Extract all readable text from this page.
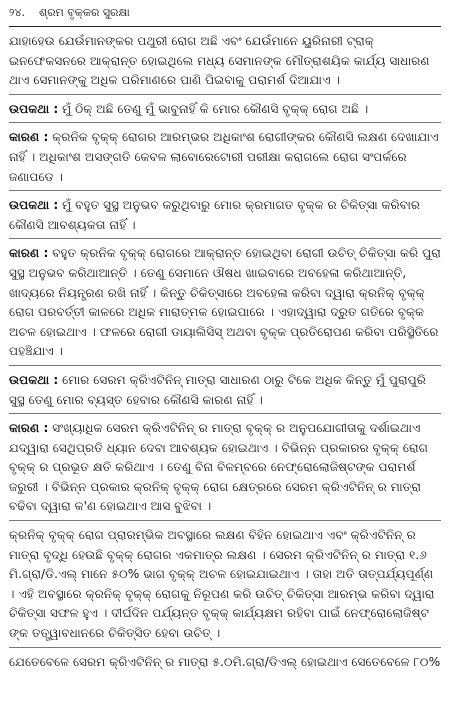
୨୪. ଶ୍ରମ ବୃକ୍କର ସୁରକ୍ଷା

ଯାହାହେଉ ଯେଉଁମାନଙ୍କର ପଥୁରୀ ରୋଗ ଅଛି ଏବଂ ଯେଉଁମାନେ ୟୁରିନାରୀ ଟ୍ରାକ୍ ଇନଫେକସନରେ ଆକ୍ରାନ୍ତ ହୋଇଥିଲେ ମଧ୍ୟ ସେମାନଙ୍କ ମୌତ୍ରାଶୟିକ କାର୍ଯ୍ୟ ସାଧାରଣ ଥାଏ ସେମାନଙ୍କୁ ଅଧିକ ପରିମାଣରେ ପାଣି ପିଇବାକୁ ପରାମର୍ଶ ଦିଆଯାଏ ।

ଉପକଥା : ମୁଁ ଠିକ୍ ଅଛି ତେଣୁ ମୁଁ ଭାବୁନାହିଁ କି ମୋର କୌଣସି ବୃକ୍କ୍ ରୋଗ ଅଛି ।

କାରଣ : କ୍ରନିକ ବୃକ୍କ୍ ରୋଗର ଆରମ୍ଭର ଅଧିକାଂଶ ରୋଗୀଙ୍କର କୌଣସି ଲକ୍ଷଣ ଦେଖାଯାଏ ନାହିଁ । ଅଧିକାଂଶ ଅସଙ୍ଗତି କେବଳ ଲାବୋରେଟୋରୀ ପରୀକ୍ଷା କରାଗଲେ ରୋଗ ସଂପର୍କରେ ଜଣାପଡେ ।

ଉପକଥା : ମୁଁ ବହୁତ ସୁସ୍ଥ ଅନୁଭବ କରୁଥିବାରୁ ମୋର କ୍ରମାଗତ ବୃକ୍କ ର ଚିକିତ୍ସା କରିବାର କୌଣସି ଆବଶ୍ୟକତା ନାହିଁ ।

କାରଣ : ବହୁତ କ୍ରନିକ ବୃକ୍କ୍ ରୋଗରେ ଆକ୍ରାନ୍ତ ହୋଇଥିବା ରୋଗୀ ଉଚିତ୍ ଚିକିତ୍ସା କରି ପୁରା ସୁସ୍ଥ ଅନୁଭବ କରିଥାଆନ୍ତି । ତେଣୁ ସେମାନେ ଔଷଧ ଖାଇବାରେ ଅବହେଳା କରିଥାଆନ୍ତି, ଖାଦ୍ୟରେ ନିୟନ୍ତ୍ରଣ ରଖି ନାହିଁ । କିନ୍ତୁ ଚିକିତ୍ସାରେ ଅବହେଳା କରିବା ଦ୍ୱାରା କ୍ରନିକ୍ ବୃକ୍କ୍ ରୋଗ ପରବର୍ତ୍ତୀ କାଳରେ ଅଧିକ ମାରାତ୍ମକ ହୋଇପାରେ । ଏହାଦ୍ୱାରା ଦ୍ରୁତ ଗତିରେ ବୃକ୍କ ଅଚଳ ହୋଇଥାଏ । ଫଳରେ ରୋଗୀ ଡାୟାଲିସିସ୍ ଅଥବା ବୃକ୍କ ପ୍ରତିରୋପଣ କରିବା ପରିସ୍ଥିତିରେ ପହଞ୍ଚିଯାଏ ।

ଉପକଥା : ମୋର ସେରମ କ୍ରିଏଟିନିନ୍ ମାତ୍ରା ସାଧାରଣ ଠାରୁ ଟିକେ ଅଧିକ କିନ୍ତୁ ମୁଁ ପୁରାପୁରି ସୁସ୍ଥ ତେଣୁ ମୋର ବ୍ୟସ୍ତ ହେବାର କୌଣସି କାରଣ ନାହିଁ ।

କାରଣ : ସଂଖ୍ୟାଧିକ ସେରମ କ୍ରିଏଟିନିନ୍ ର ମାତ୍ରା ବୃକ୍କ୍ ର ଅନୁପଯୋଗୀତାକୁ ଦର୍ଶାଇଥାଏ ଯଦ୍ୱାରା ସେଥିପ୍ରତି ଧ୍ୟାନ ଦେବା ଆବଶ୍ୟକ ହୋଇଥାଏ । ବିଭିନ୍ନ ପ୍ରକାରର ବୃକ୍କ୍ ରୋଗ ବୃକ୍କ୍ ର ପ୍ରଭୂତ କ୍ଷତି କରିଥାଏ । ତେଣୁ ବିନା ବିଳମ୍ବରେ ନେଫ୍ରୋଲୋଜିଷ୍ଟଙ୍କ ପରାମର୍ଶ ଜରୁରୀ । ବିଭିନ୍ନ ପ୍ରକାର କ୍ରନିକ୍ ବୃକ୍କ୍ ରୋଗ କ୍ଷେତ୍ରରେ ସେରମ କ୍ରିଏଟିନିନ୍ ର ମାତ୍ରା ବଢିବା ଦ୍ୱାରା କ'ଣ ହୋଇଥାଏ ଆସ ବୁଝିବା ।

କ୍ରନିକ୍ ବୃକ୍କ୍ ରୋଗ ପ୍ରାରମ୍ଭିକ ଅବସ୍ଥାରେ ଲକ୍ଷଣ ବିହିନ ହୋଇଥାଏ ଏବଂ କ୍ରିଏଟିନିନ୍ ର ମାତ୍ରା ବୃଦ୍ଧି ହେଉଛି ବୃକ୍କ୍ ରୋଗର ଏକମାତ୍ର ଲକ୍ଷଣ । ସେରମ କ୍ରିଏଟିନିନ୍ ର ମାତ୍ରା ୧.୬ ମି.ଗ୍ରା/ଡି.ଏଲ୍ ମାନେ ୫୦% ଭାଗ ବୃକ୍କ୍ ଅଚଳ ହୋଇଯାଇଥାଏ । ତାହା ଅତି ତାତ୍ପର୍ଯ୍ୟପୂର୍ଣ୍ଣ । ଏହି ଅବସ୍ଥାରେ କ୍ରନିକ୍ ବୃକ୍କ୍ ରୋଗକୁ ନିରୂପଣ କରି ଉଚିତ୍ ଚିକିତ୍ସା ଆରମ୍ଭ କରିବା ଦ୍ୱାରା ଚିକିତ୍ସା ସଫଳ ହୁଏ । ଦୀର୍ଘଦିନ ପର୍ଯ୍ୟନ୍ତ ବୃକ୍କ୍ କାର୍ଯ୍ୟକ୍ଷମ ରହିବା ପାଇଁ ନେଫ୍ରୋଲୋଜିଷ୍ଟ ଙ୍କ ତତ୍ତ୍ୱାବଧାନରେ ଚିକିତ୍ସିତ ହେବା ଉଚିତ୍ ।

ଯେତେବେଳେ ସେରମ କ୍ରିଏଟିନିନ୍ ର ମାତ୍ରା ୫.୦ମି.ଗ୍ରା/ଡିଏଲ୍ ହୋଇଥାଏ ସେତେବେଳେ ୮୦%
